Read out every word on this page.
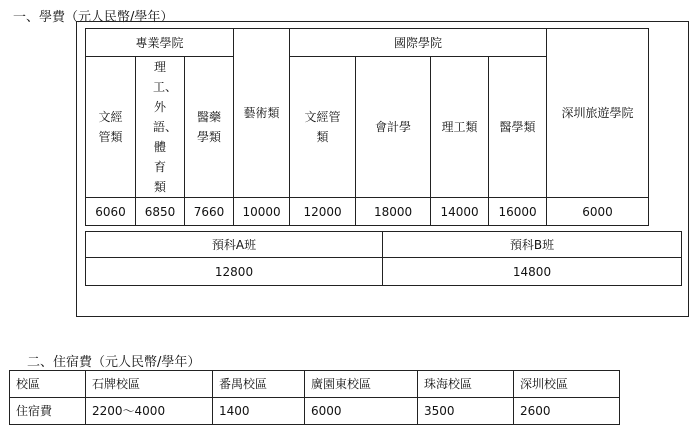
一、學費（元人民幣/學年）
專業學院			藝術類	國際學院				深圳旅遊學院
文經管類	理工、外語、體育類	醫藥學類		文經管類	會計學	理工類	醫學類	
6060	6850	7660	10000	12000	18000	14000	16000	6000
預科A班	預科B班
12800	14800
二、住宿費（元人民幣/學年）
校區	石牌校區	番禺校區	廣園東校區	珠海校區	深圳校區
住宿費	2200～4000	1400	6000	3500	2600
